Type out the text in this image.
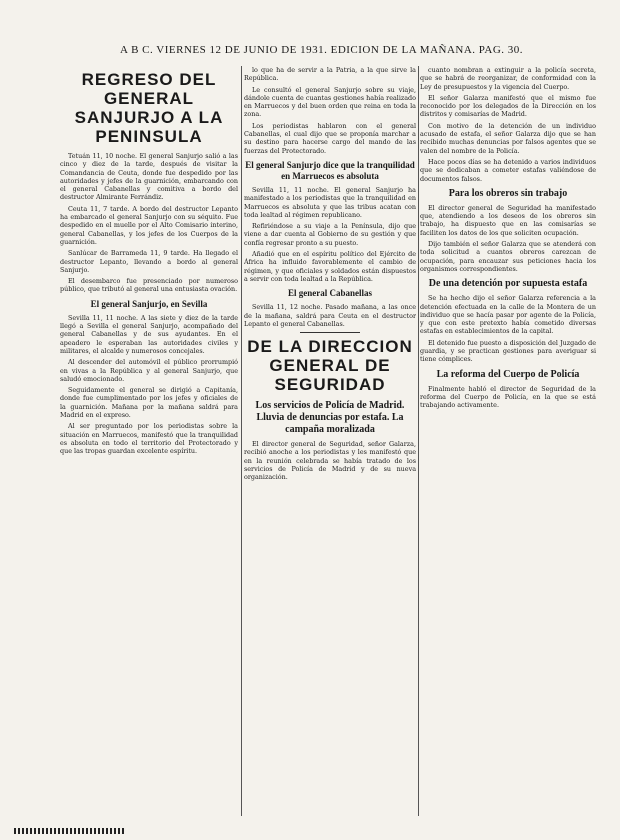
A B C. VIERNES 12 DE JUNIO DE 1931. EDICION DE LA MAÑANA. PAG. 30.
REGRESO DEL GENERAL SANJURJO A LA PENINSULA

Tetuán 11, 10 noche. El general Sanjurjo salió a las cinco y diez de la tarde, después de visitar la Comandancia de Ceuta, donde fue despedido por las autoridades y jefes de la guarnición, embarcando con el general Cabanellas y comitiva a bordo del destructor Almirante Ferrándiz.

Ceuta 11, 7 tarde. A bordo del destructor Lepanto ha embarcado el general Sanjurjo con su séquito. Fue despedido en el muelle por el Alto Comisario interino, general Cabanellas, y los jefes de los Cuerpos de la guarnición.

Sanlúcar de Barrameda 11, 9 tarde. Ha llegado el destructor Lepanto, llevando a bordo al general Sanjurjo.

El desembarco fue presenciado por numeroso público, que tributó al general una entusiasta ovación.

El general Sanjurjo, en Sevilla

Sevilla 11, 11 noche. A las siete y diez de la tarde llegó a Sevilla el general Sanjurjo, acompañado del general Cabanellas y de sus ayudantes. En el apeadero le esperaban las autoridades civiles y militares, el alcalde y numerosos concejales.

Al descender del automóvil el público prorrumpió en vivas a la República y al general Sanjurjo, que saludó emocionado.

Seguidamente el general se dirigió a Capitanía, donde fue cumplimentado por los jefes y oficiales de la guarnición. Mañana por la mañana saldrá para Madrid en el expreso.

Al ser preguntado por los periodistas sobre la situación en Marruecos, manifestó que la tranquilidad es absoluta en todo el territorio del Protectorado y que las tropas guardan excelente espíritu.

lo que ha de servir a la Patria, a la que sirve la República.

Le consultó el general Sanjurjo sobre su viaje, dándole cuenta de cuantas gestiones había realizado en Marruecos y del buen orden que reina en toda la zona.

Los periodistas hablaron con el general Cabanellas, el cual dijo que se proponía marchar a su destino para hacerse cargo del mando de las fuerzas del Protectorado.

El general Sanjurjo dice que la tranquilidad en Marruecos es absoluta

Sevilla 11, 11 noche. El general Sanjurjo ha manifestado a los periodistas que la tranquilidad en Marruecos es absoluta y que las tribus acatan con toda lealtad al régimen republicano.

Refiriéndose a su viaje a la Península, dijo que viene a dar cuenta al Gobierno de su gestión y que confía regresar pronto a su puesto.

Añadió que en el espíritu político del Ejército de África ha influido favorablemente el cambio de régimen, y que oficiales y soldados están dispuestos a servir con toda lealtad a la República.

El general Cabanellas

Sevilla 11, 12 noche. Pasado mañana, a las once de la mañana, saldrá para Ceuta en el destructor Lepanto el general Cabanellas.

DE LA DIRECCION GENERAL DE SEGURIDAD
Los servicios de Policía de Madrid. Lluvia de denuncias por estafa. La campaña moralizada

El director general de Seguridad, señor Galarza, recibió anoche a los periodistas y les manifestó que en la reunión celebrada se había tratado de los servicios de Policía de Madrid y de su nueva organización.

cuanto nombran a extinguir a la policía secreta, que se habrá de reorganizar, de conformidad con la Ley de presupuestos y la vigencia del Cuerpo.

El señor Galarza manifestó que el mismo fue reconocido por los delegados de la Dirección en los distritos y comisarías de Madrid.

Con motivo de la detención de un individuo acusado de estafa, el señor Galarza dijo que se han recibido muchas denuncias por falsos agentes que se valen del nombre de la Policía.

Hace pocos días se ha detenido a varios individuos que se dedicaban a cometer estafas valiéndose de documentos falsos.

Para los obreros sin trabajo

El director general de Seguridad ha manifestado que, atendiendo a los deseos de los obreros sin trabajo, ha dispuesto que en las comisarías se faciliten los datos de los que soliciten ocupación.

Dijo también el señor Galarza que se atenderá con toda solicitud a cuantos obreros carezcan de ocupación, para encauzar sus peticiones hacia los organismos correspondientes.

De una detención por supuesta estafa

Se ha hecho dijo el señor Galarza referencia a la detención efectuada en la calle de la Montera de un individuo que se hacía pasar por agente de la Policía, y que con este pretexto había cometido diversas estafas en establecimientos de la capital.

El detenido fue puesto a disposición del Juzgado de guardia, y se practican gestiones para averiguar si tiene cómplices.

La reforma del Cuerpo de Policía

Finalmente habló el director de Seguridad de la reforma del Cuerpo de Policía, en la que se está trabajando activamente.
